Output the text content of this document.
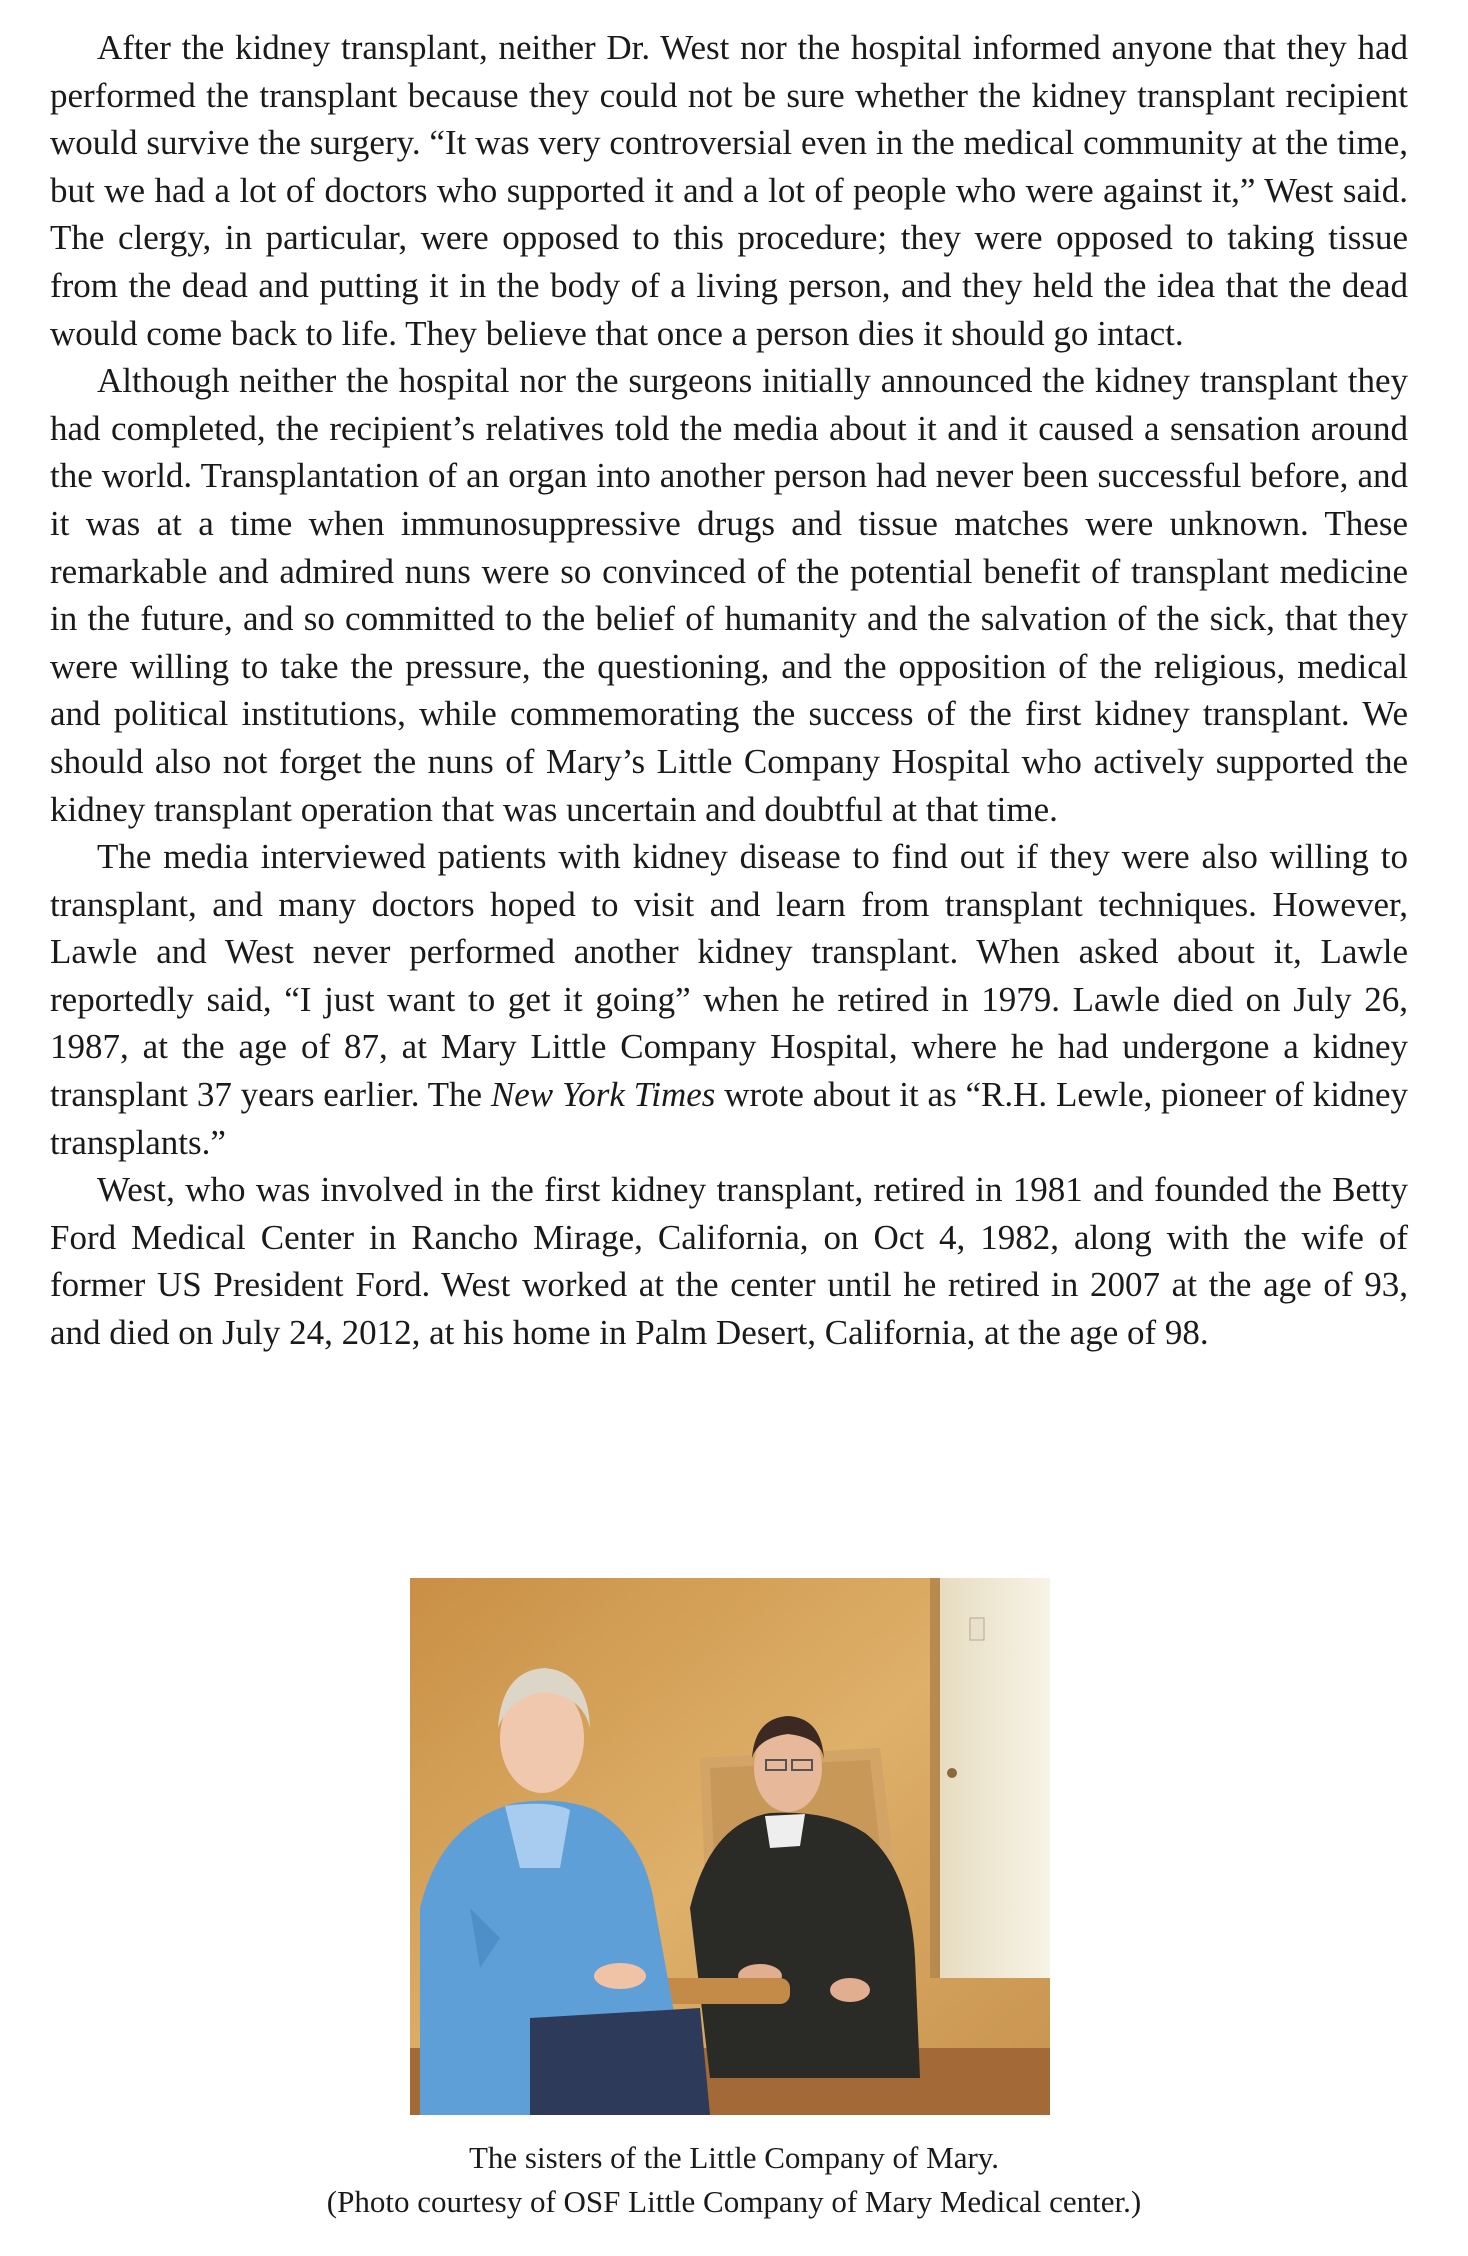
After the kidney transplant, neither Dr. West nor the hospital informed anyone that they had performed the transplant because they could not be sure whether the kidney transplant recipient would survive the surgery. “It was very controversial even in the medical community at the time, but we had a lot of doctors who supported it and a lot of people who were against it,” West said. The clergy, in particular, were opposed to this procedure; they were opposed to taking tissue from the dead and putting it in the body of a living person, and they held the idea that the dead would come back to life. They believe that once a person dies it should go intact.

Although neither the hospital nor the surgeons initially announced the kidney transplant they had completed, the recipient’s relatives told the media about it and it caused a sensation around the world. Transplantation of an organ into another person had never been successful before, and it was at a time when immunosuppressive drugs and tissue matches were unknown. These remarkable and admired nuns were so convinced of the potential benefit of transplant medicine in the future, and so committed to the belief of humanity and the salvation of the sick, that they were willing to take the pressure, the questioning, and the opposition of the religious, medical and political institutions, while commemorating the success of the first kidney transplant. We should also not forget the nuns of Mary’s Little Company Hospital who actively supported the kidney transplant operation that was uncertain and doubtful at that time.

The media interviewed patients with kidney disease to find out if they were also willing to transplant, and many doctors hoped to visit and learn from transplant techniques. However, Lawle and West never performed another kidney transplant. When asked about it, Lawle reportedly said, “I just want to get it going” when he retired in 1979. Lawle died on July 26, 1987, at the age of 87, at Mary Little Company Hospital, where he had undergone a kidney transplant 37 years earlier. The New York Times wrote about it as “R.H. Lewle, pioneer of kidney transplants.”

West, who was involved in the first kidney transplant, retired in 1981 and founded the Betty Ford Medical Center in Rancho Mirage, California, on Oct 4, 1982, along with the wife of former US President Ford. West worked at the center until he retired in 2007 at the age of 93, and died on July 24, 2012, at his home in Palm Desert, California, at the age of 98.

The sisters of the Little Company of Mary.
(Photo courtesy of OSF Little Company of Mary Medical center.)
